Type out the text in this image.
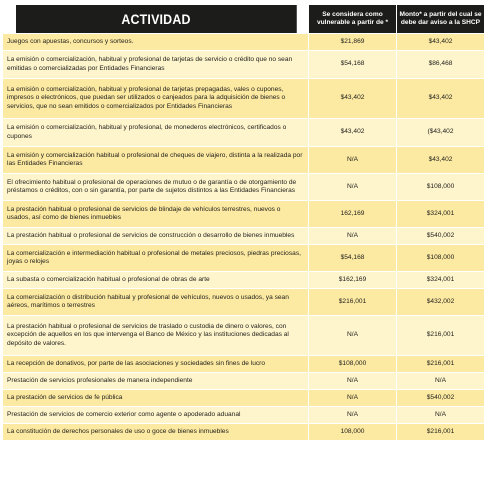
ACTIVIDAD	Se considera como vulnerable a partir de *	Monto* a partir del cual se debe dar aviso a la SHCP
Juegos con apuestas, concursos y sorteos.	$21,869	$43,402
La emisión o comercialización, habitual y profesional de tarjetas de servicio o crédito que no sean emitidas o comercializadas por Entidades Financieras	$54,168	$86,468
La emisión o comercialización, habitual y profesional de tarjetas prepagadas, vales o cupones, impresos o electrónicos, que puedan ser utilizados o canjeados para la adquisición de bienes o servicios, que no sean emitidos o comercializados por Entidades Financieras	$43,402	$43,402
La emisión o comercialización, habitual y profesional, de monederos electrónicos, certificados o cupones	$43,402	($43,402
La emisión y comercialización habitual o profesional de cheques de viajero, distinta a la realizada por las Entidades Financieras	N/A	$43,402
El ofrecimiento habitual o profesional de operaciones de mutuo o de garantía o de otorgamiento de préstamos o créditos, con o sin garantía, por parte de sujetos distintos a las Entidades Financieras	N/A	$108,000
La prestación habitual o profesional de servicios de blindaje de vehículos terrestres, nuevos o usados, así como de bienes inmuebles	162,169	$324,001
La prestación habitual o profesional de servicios de construcción o desarrollo de bienes inmuebles	N/A	$540,002
La comercialización e intermediación habitual o profesional de metales preciosos, piedras preciosas, joyas o relojes	$54,168	$108,000
La subasta o comercialización habitual o profesional de obras de arte	$162,169	$324,001
La comercialización o distribución habitual y profesional de vehículos, nuevos o usados, ya sean aéreos, marítimos o terrestres	$216,001	$432,002
La prestación habitual o profesional de servicios de traslado o custodia de dinero o valores, con excepción de aquellos en los que intervenga el Banco de México y las instituciones dedicadas al depósito de valores.	N/A	$216,001
La recepción de donativos, por parte de las asociaciones y sociedades sin fines de lucro	$108,000	$216,001
Prestación de servicios profesionales de manera independiente	N/A	N/A
La prestación de servicios de fe pública	N/A	$540,002
Prestación de servicios de comercio exterior como agente o apoderado aduanal	N/A	N/A
La constitución de derechos personales de uso o goce de bienes inmuebles	108,000	$216,001
